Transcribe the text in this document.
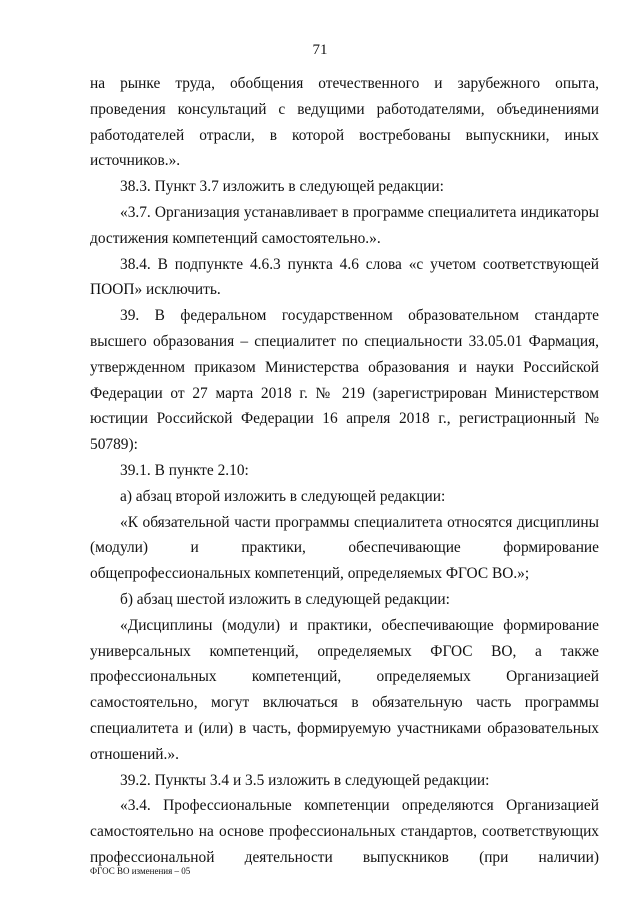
71

на рынке труда, обобщения отечественного и зарубежного опыта, проведения консультаций с ведущими работодателями, объединениями работодателей отрасли, в которой востребованы выпускники, иных источников.».

38.3. Пункт 3.7 изложить в следующей редакции:

«3.7. Организация устанавливает в программе специалитета индикаторы достижения компетенций самостоятельно.».

38.4. В подпункте 4.6.3 пункта 4.6 слова «с учетом соответствующей ПООП» исключить.

39. В федеральном государственном образовательном стандарте высшего образования – специалитет по специальности 33.05.01 Фармация, утвержденном приказом Министерства образования и науки Российской Федерации от 27 марта 2018 г. № 219 (зарегистрирован Министерством юстиции Российской Федерации 16 апреля 2018 г., регистрационный № 50789):

39.1. В пункте 2.10:

а) абзац второй изложить в следующей редакции:

«К обязательной части программы специалитета относятся дисциплины (модули) и практики, обеспечивающие формирование общепрофессиональных компетенций, определяемых ФГОС ВО.»;

б) абзац шестой изложить в следующей редакции:

«Дисциплины (модули) и практики, обеспечивающие формирование универсальных компетенций, определяемых ФГОС ВО, а также профессиональных компетенций, определяемых Организацией самостоятельно, могут включаться в обязательную часть программы специалитета и (или) в часть, формируемую участниками образовательных отношений.».

39.2. Пункты 3.4 и 3.5 изложить в следующей редакции:

«3.4. Профессиональные компетенции определяются Организацией самостоятельно на основе профессиональных стандартов, соответствующих профессиональной деятельности выпускников (при наличии)

ФГОС ВО изменения – 05
